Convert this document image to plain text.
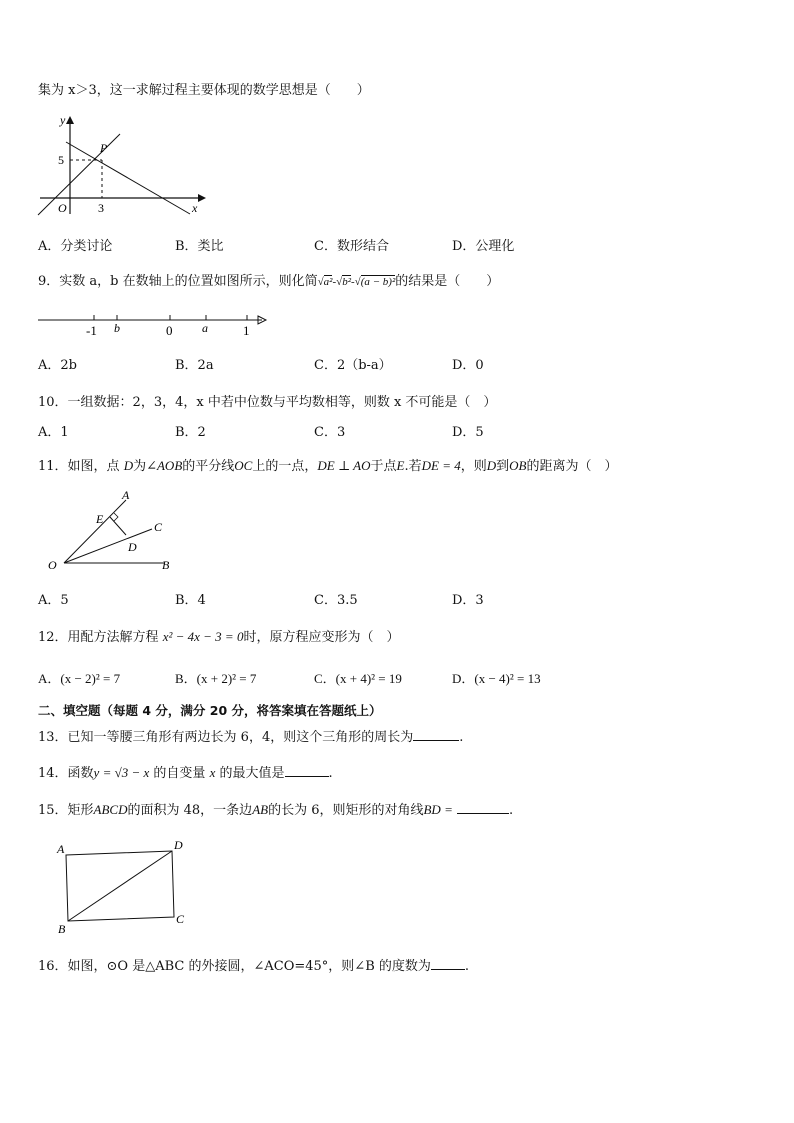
集为 x＞3，这一求解过程主要体现的数学思想是（　　）
y
x
O
P
5
3
A．分类讨论	B．类比	C．数形结合	D．公理化
9．实数 a，b 在数轴上的位置如图所示，则化简√a²-√b²-√(a − b)²的结果是（　　）
-1 b	0 a	1
A．2b	B．2a	C．2（b-a）	D．0
10．一组数据：2，3，4，x 中若中位数与平均数相等，则数 x 不可能是（　）
A．1	B．2	C．3	D．5
11．如图，点 D为∠AOB的平分线OC上的一点，DE ⊥ AO于点E.若DE = 4，则D到OB的距离为（　）
A
E
C
D
O	B
A．5	B．4	C．3.5	D．3
12．用配方法解方程 x² − 4x − 3 = 0时，原方程应变形为（　）
A．(x − 2)² = 7	B．(x + 2)² = 7	C．(x + 4)² = 19	D．(x − 4)² = 13
二、填空题（每题 4 分，满分 20 分，将答案填在答题纸上）
13．已知一等腰三角形有两边长为 6，4，则这个三角形的周长为	.
14．函数y = √3 − x 的自变量 x 的最大值是	.
15．矩形ABCD的面积为 48，一条边AB的长为 6，则矩形的对角线BD =	.
A	D
B
C
16．如图，⊙O 是△ABC 的外接圆，∠ACO=45°，则∠B 的度数为	.
